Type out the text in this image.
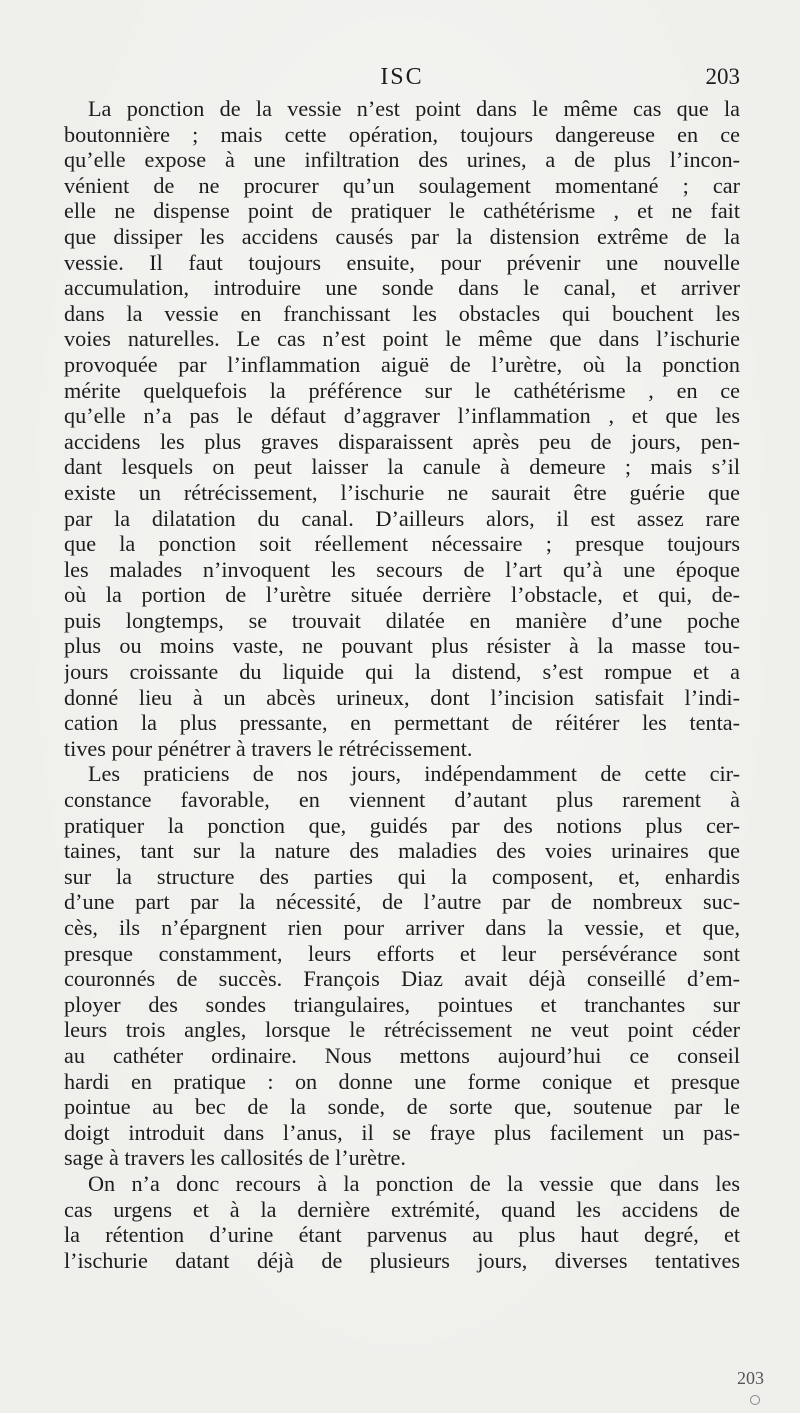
ISC	203
La ponction de la vessie n’est point dans le même cas que la
boutonnière ; mais cette opération, toujours dangereuse en ce
qu’elle expose à une infiltration des urines, a de plus l’incon-
vénient de ne procurer qu’un soulagement momentané ; car
elle ne dispense point de pratiquer le cathétérisme , et ne fait
que dissiper les accidens causés par la distension extrême de la
vessie. Il faut toujours ensuite, pour prévenir une nouvelle
accumulation, introduire une sonde dans le canal, et arriver
dans la vessie en franchissant les obstacles qui bouchent les
voies naturelles. Le cas n’est point le même que dans l’ischurie
provoquée par l’inflammation aiguë de l’urètre, où la ponction
mérite quelquefois la préférence sur le cathétérisme , en ce
qu’elle n’a pas le défaut d’aggraver l’inflammation , et que les
accidens les plus graves disparaissent après peu de jours, pen-
dant lesquels on peut laisser la canule à demeure ; mais s’il
existe un rétrécissement, l’ischurie ne saurait être guérie que
par la dilatation du canal. D’ailleurs alors, il est assez rare
que la ponction soit réellement nécessaire ; presque toujours
les malades n’invoquent les secours de l’art qu’à une époque
où la portion de l’urètre située derrière l’obstacle, et qui, de-
puis longtemps, se trouvait dilatée en manière d’une poche
plus ou moins vaste, ne pouvant plus résister à la masse tou-
jours croissante du liquide qui la distend, s’est rompue et a
donné lieu à un abcès urineux, dont l’incision satisfait l’indi-
cation la plus pressante, en permettant de réitérer les tenta-
tives pour pénétrer à travers le rétrécissement.
Les praticiens de nos jours, indépendamment de cette cir-
constance favorable, en viennent d’autant plus rarement à
pratiquer la ponction que, guidés par des notions plus cer-
taines, tant sur la nature des maladies des voies urinaires que
sur la structure des parties qui la composent, et, enhardis
d’une part par la nécessité, de l’autre par de nombreux suc-
cès, ils n’épargnent rien pour arriver dans la vessie, et que,
presque constamment, leurs efforts et leur persévérance sont
couronnés de succès. François Diaz avait déjà conseillé d’em-
ployer des sondes triangulaires, pointues et tranchantes sur
leurs trois angles, lorsque le rétrécissement ne veut point céder
au cathéter ordinaire. Nous mettons aujourd’hui ce conseil
hardi en pratique : on donne une forme conique et presque
pointue au bec de la sonde, de sorte que, soutenue par le
doigt introduit dans l’anus, il se fraye plus facilement un pas-
sage à travers les callosités de l’urètre.
On n’a donc recours à la ponction de la vessie que dans les
cas urgens et à la dernière extrémité, quand les accidens de
la rétention d’urine étant parvenus au plus haut degré, et
l’ischurie datant déjà de plusieurs jours, diverses tentatives
203
